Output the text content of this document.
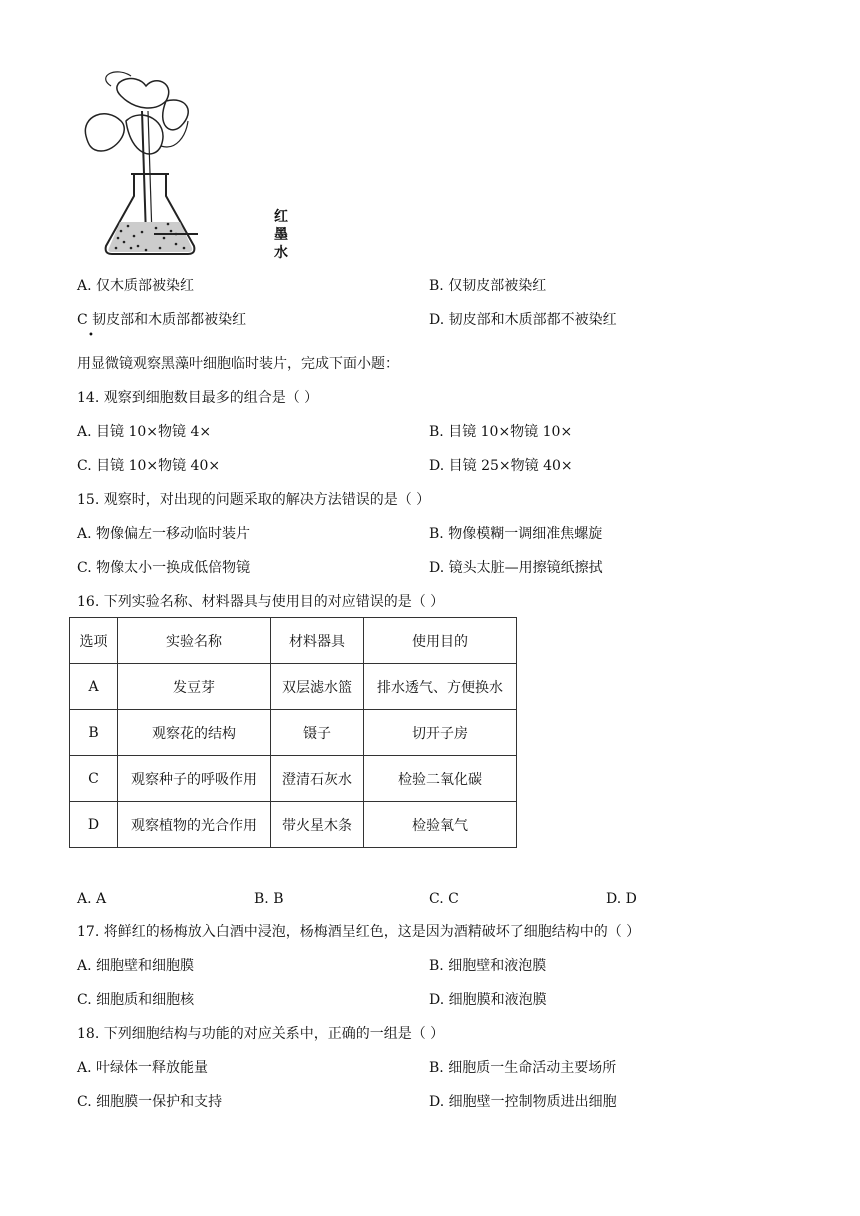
红
墨
水
A. 仅木质部被染红	B. 仅韧皮部被染红
C 韧皮部和木质部都被染红
•
D. 韧皮部和木质部都不被染红
用显微镜观察黑藻叶细胞临时装片，完成下面小题：
14. 观察到细胞数目最多的组合是（ ）
A. 目镜 10×物镜 4×	B. 目镜 10×物镜 10×
C. 目镜 10×物镜 40×	D. 目镜 25×物镜 40×
15. 观察时，对出现的问题采取的解决方法错误的是（ ）
A. 物像偏左一移动临时装片	B. 物像模糊一调细准焦螺旋
C. 物像太小一换成低倍物镜	D. 镜头太脏—用擦镜纸擦拭
16. 下列实验名称、材料器具与使用目的对应错误的是（ ）
选项	实验名称	材料器具	使用目的
A	发豆芽	双层滤水篮	排水透气、方便换水
B	观察花的结构	镊子	切开子房
C	观察种子的呼吸作用	澄清石灰水	检验二氧化碳
D	观察植物的光合作用	带火星木条	检验氧气
A. A	B. B	C. C	D. D
17. 将鲜红的杨梅放入白酒中浸泡，杨梅酒呈红色，这是因为酒精破坏了细胞结构中的（ ）
A. 细胞壁和细胞膜	B. 细胞壁和液泡膜
C. 细胞质和细胞核	D. 细胞膜和液泡膜
18. 下列细胞结构与功能的对应关系中，正确的一组是（ ）
A. 叶绿体一释放能量	B. 细胞质一生命活动主要场所
C. 细胞膜一保护和支持	D. 细胞壁一控制物质进出细胞
